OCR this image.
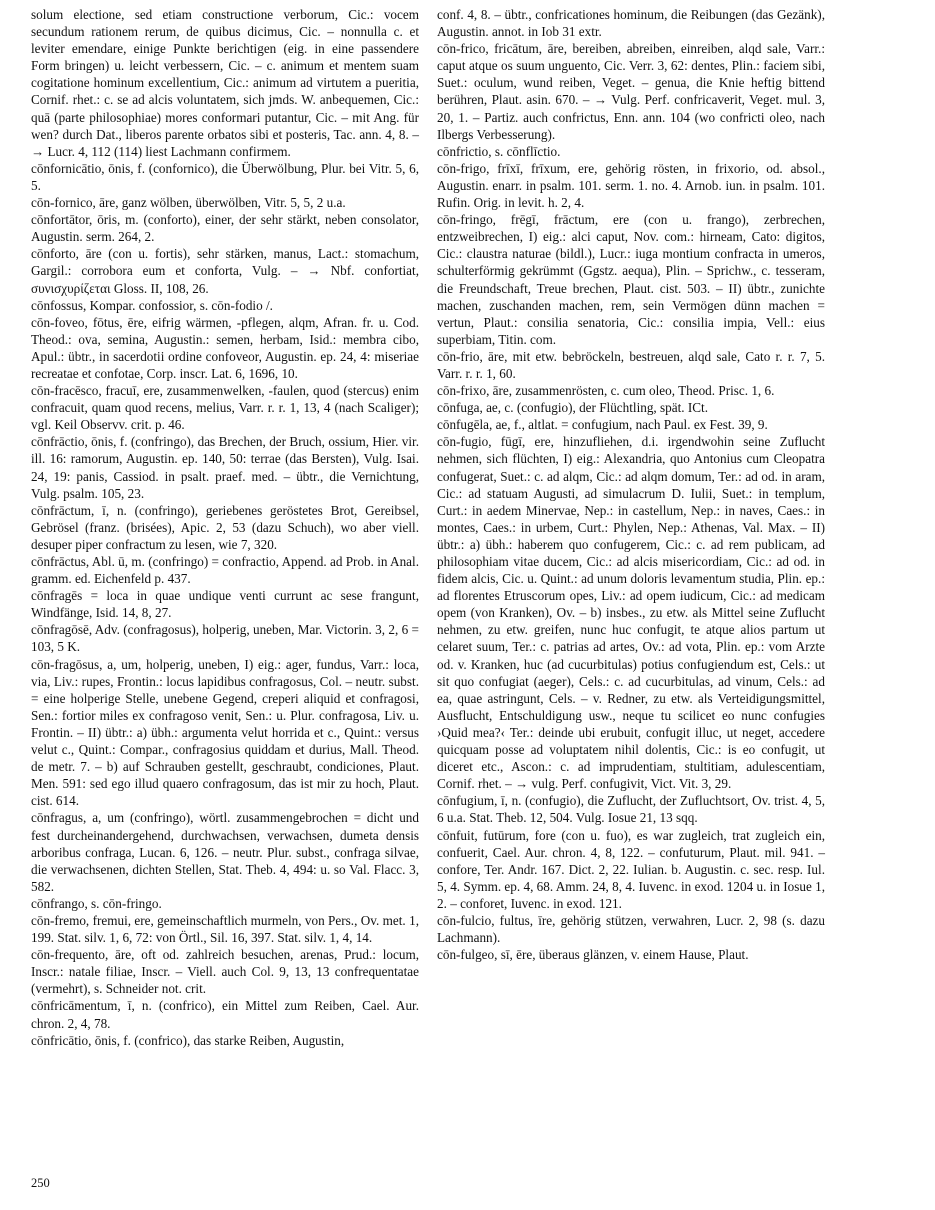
solum electione, sed etiam constructione verborum, Cic.: vocem secundum rationem rerum, de quibus dicimus, Cic. – nonnulla c. et leviter emendare, einige Punkte berichtigen (eig. in eine passendere Form bringen) u. leicht verbessern, Cic. – c. animum et mentem suam cogitatione hominum excellentium, Cic.: animum ad virtutem a pueritia, Cornif. rhet.: c. se ad alcis voluntatem, sich jmds. W. anbequemen, Cic.: quā (parte philosophiae) mores conformari putantur, Cic. – mit Ang. für wen? durch Dat., liberos parente orbatos sibi et posteris, Tac. ann. 4, 8. – → Lucr. 4, 112 (114) liest Lachmann confirmem.

cōnfornicātio, ōnis, f. (confornico), die Überwölbung, Plur. bei Vitr. 5, 6, 5.

cōn-fornico, āre, ganz wölben, überwölben, Vitr. 5, 5, 2 u.a.

cōnfortātor, ōris, m. (conforto), einer, der sehr stärkt, neben consolator, Augustin. serm. 264, 2.

cōnforto, āre (con u. fortis), sehr stärken, manus, Lact.: stomachum, Gargil.: corroborа eum et conforta, Vulg. – → Nbf. confortiat, συνισχυρίζεται Gloss. II, 108, 26.

cōnfossus, Kompar. confossior, s. cōn-fodio /.

cōn-foveo, fōtus, ēre, eifrig wärmen, -pflegen, alqm, Afran. fr. u. Cod. Theod.: ova, semina, Augustin.: semen, herbam, Isid.: membra cibo, Apul.: übtr., in sacerdotii ordine confoveor, Augustin. ep. 24, 4: miseriae recreatae et confotae, Corp. inscr. Lat. 6, 1696, 10.

cōn-fracēsco, fracuī, ere, zusammenwelken, -faulen, quod (stercus) enim confracuit, quam quod recens, melius, Varr. r. r. 1, 13, 4 (nach Scaliger); vgl. Keil Observv. crit. p. 46.

cōnfrāctio, ōnis, f. (confringo), das Brechen, der Bruch, ossium, Hier. vir. ill. 16: ramorum, Augustin. ep. 140, 50: terrae (das Bersten), Vulg. Isai. 24, 19: panis, Cassiod. in psalt. praef. med. – übtr., die Vernichtung, Vulg. psalm. 105, 23.

cōnfrāctum, ī, n. (confringo), geriebenes geröstetes Brot, Gereibsel, Gebrösel (franz. (brisées), Apic. 2, 53 (dazu Schuch), wo aber viell. desuper piper confractum zu lesen, wie 7, 320.

cōnfrāctus, Abl. ū, m. (confringo) = confractio, Append. ad Prob. in Anal. gramm. ed. Eichenfeld p. 437.

cōnfragēs = loca in quae undique venti currunt ac sese frangunt, Windfänge, Isid. 14, 8, 27.

cōnfragōsē, Adv. (confragosus), holperig, uneben, Mar. Victorin. 3, 2, 6 = 103, 5 K.

cōn-fragōsus, a, um, holperig, uneben, I) eig.: ager, fundus, Varr.: loca, via, Liv.: rupes, Frontin.: locus lapidibus confragosus, Col. – neutr. subst. = eine holperige Stelle, unebene Gegend, creperi aliquid et confragosi, Sen.: fortior miles ex confragoso venit, Sen.: u. Plur. confragosa, Liv. u. Frontin. – II) übtr.: a) übh.: argumenta velut horrida et c., Quint.: versus velut c., Quint.: Compar., confragosius quiddam et durius, Mall. Theod. de metr. 7. – b) auf Schrauben gestellt, geschraubt, condiciones, Plaut. Men. 591: sed ego illud quaero confragosum, das ist mir zu hoch, Plaut. cist. 614.

cōnfragus, a, um (confringo), wörtl. zusammengebrochen = dicht und fest durcheinandergehend, durchwachsen, verwachsen, dumeta densis arboribus confraga, Lucan. 6, 126. – neutr. Plur. subst., confraga silvae, die verwachsenen, dichten Stellen, Stat. Theb. 4, 494: u. so Val. Flacc. 3, 582.

cōnfrango, s. cōn-fringo.

cōn-fremo, fremui, ere, gemeinschaftlich murmeln, von Pers., Ov. met. 1, 199. Stat. silv. 1, 6, 72: von Örtl., Sil. 16, 397. Stat. silv. 1, 4, 14.

cōn-frequento, āre, oft od. zahlreich besuchen, arenas, Prud.: locum, Inscr.: natale filiae, Inscr. – Viell. auch Col. 9, 13, 13 confrequentatae (vermehrt), s. Schneider not. crit.

cōnfricāmentum, ī, n. (confrico), ein Mittel zum Reiben, Cael. Aur. chron. 2, 4, 78.

cōnfricātio, ōnis, f. (confrico), das starke Reiben, Augustin,

conf. 4, 8. – übtr., confricationes hominum, die Reibungen (das Gezänk), Augustin. annot. in Iob 31 extr.

cōn-frico, fricātum, āre, bereiben, abreiben, einreiben, alqd sale, Varr.: caput atque os suum unguento, Cic. Verr. 3, 62: dentes, Plin.: faciem sibi, Suet.: oculum, wund reiben, Veget. – genua, die Knie heftig bittend berühren, Plaut. asin. 670. – → Vulg. Perf. confricaverit, Veget. mul. 3, 20, 1. – Partiz. auch confrictus, Enn. ann. 104 (wo confricti oleo, nach Ilbergs Verbesserung).

cōnfrictio, s. cōnflīctio.

cōn-frigo, frīxī, frīxum, ere, gehörig rösten, in frixorio, od. absol., Augustin. enarr. in psalm. 101. serm. 1. no. 4. Arnob. iun. in psalm. 101. Rufin. Orig. in levit. h. 2, 4.

cōn-fringo, frēgī, frāctum, ere (con u. frango), zerbrechen, entzweibrechen, I) eig.: alci caput, Nov. com.: hirneam, Cato: digitos, Cic.: claustra naturae (bildl.), Lucr.: iuga montium confracta in umeros, schulterförmig gekrümmt (Ggstz. aequa), Plin. – Sprichw., c. tesseram, die Freundschaft, Treue brechen, Plaut. cist. 503. – II) übtr., zunichte machen, zuschanden machen, rem, sein Vermögen dünn machen = vertun, Plaut.: consilia senatoria, Cic.: consilia impia, Vell.: eius superbiam, Titin. com.

cōn-frio, āre, mit etw. bebröckeln, bestreuen, alqd sale, Cato r. r. 7, 5. Varr. r. r. 1, 60.

cōn-frixo, āre, zusammenrösten, c. cum oleo, Theod. Prisc. 1, 6.

cōnfuga, ae, c. (confugio), der Flüchtling, spät. ICt.

cōnfugēla, ae, f., altlat. = confugium, nach Paul. ex Fest. 39, 9.

cōn-fugio, fūgī, ere, hinzufliehen, d.i. irgendwohin seine Zuflucht nehmen, sich flüchten, I) eig.: Alexandria, quo Antonius cum Cleopatra confugerat, Suet.: c. ad alqm, Cic.: ad alqm domum, Ter.: ad od. in aram, Cic.: ad statuam Augusti, ad simulacrum D. Iulii, Suet.: in templum, Curt.: in aedem Minervae, Nep.: in castellum, Nep.: in naves, Caes.: in montes, Caes.: in urbem, Curt.: Phylen, Nep.: Athenas, Val. Max. – II) übtr.: a) übh.: haberem quo confugerem, Cic.: c. ad rem publicam, ad philosophiam vitae ducem, Cic.: ad alcis misericordiam, Cic.: ad od. in fidem alcis, Cic. u. Quint.: ad unum doloris levamentum studia, Plin. ep.: ad florentes Etruscorum opes, Liv.: ad opem iudicum, Cic.: ad medicam opem (von Kranken), Ov. – b) insbes., zu etw. als Mittel seine Zuflucht nehmen, zu etw. greifen, nunc huc confugit, te atque alios partum ut celaret suum, Ter.: c. patrias ad artes, Ov.: ad vota, Plin. ep.: vom Arzte od. v. Kranken, huc (ad cucurbitulas) potius confugiendum est, Cels.: ut sit quo confugiat (aeger), Cels.: c. ad cucurbitulas, ad vinum, Cels.: ad ea, quae astringunt, Cels. – v. Redner, zu etw. als Verteidigungsmittel, Ausflucht, Entschuldigung usw., neque tu scilicet eo nunc confugies ›Quid mea?‹ Ter.: deinde ubi erubuit, confugit illuc, ut neget, accedere quicquam posse ad voluptatem nihil dolentis, Cic.: is eo confugit, ut diceret etc., Ascon.: c. ad imprudentiam, stultitiam, adulescentiam, Cornif. rhet. – → vulg. Perf. confugivit, Vict. Vit. 3, 29.

cōnfugium, ī, n. (confugio), die Zuflucht, der Zufluchtsort, Ov. trist. 4, 5, 6 u.a. Stat. Theb. 12, 504. Vulg. Iosue 21, 13 sqq.

cōnfuit, futūrum, fore (con u. fuo), es war zugleich, trat zugleich ein, confuerit, Cael. Aur. chron. 4, 8, 122. – confuturum, Plaut. mil. 941. – confore, Ter. Andr. 167. Dict. 2, 22. Iulian. b. Augustin. c. sec. resp. Iul. 5, 4. Symm. ep. 4, 68. Amm. 24, 8, 4. Iuvenc. in exod. 1204 u. in Iosue 1, 2. – conforet, Iuvenc. in exod. 121.

cōn-fulcio, fultus, īre, gehörig stützen, verwahren, Lucr. 2, 98 (s. dazu Lachmann).

cōn-fulgeo, sī, ēre, überaus glänzen, v. einem Hause, Plaut.

250
